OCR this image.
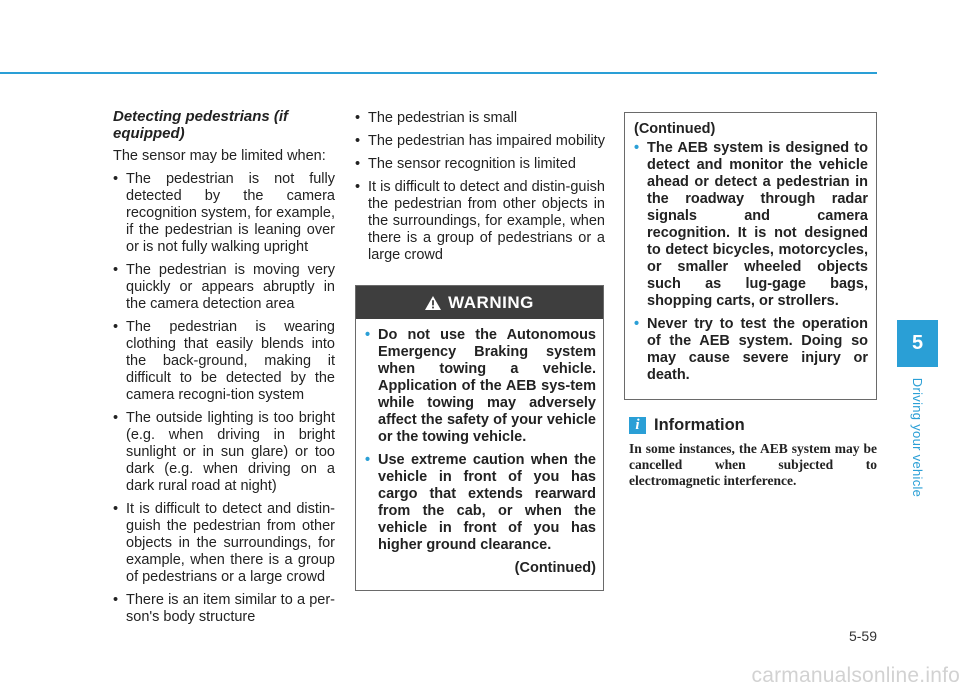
Detecting pedestrians (if equipped)
The sensor may be limited when:
• The pedestrian is not fully detected by the camera recognition system, for example, if the pedestrian is leaning over or is not fully walking upright
• The pedestrian is moving very quickly or appears abruptly in the camera detection area
• The pedestrian is wearing clothing that easily blends into the back-ground, making it difficult to be detected by the camera recogni-tion system
• The outside lighting is too bright (e.g. when driving in bright sunlight or in sun glare) or too dark (e.g. when driving on a dark rural road at night)
• It is difficult to detect and distin-guish the pedestrian from other objects in the surroundings, for example, when there is a group of pedestrians or a large crowd
• There is an item similar to a per-son's body structure
• The pedestrian is small
• The pedestrian has impaired mobility
• The sensor recognition is limited
• It is difficult to detect and distin-guish the pedestrian from other objects in the surroundings, for example, when there is a group of pedestrians or a large crowd
WARNING
• Do not use the Autonomous Emergency Braking system when towing a vehicle. Application of the AEB sys-tem while towing may adversely affect the safety of your vehicle or the towing vehicle.
• Use extreme caution when the vehicle in front of you has cargo that extends rearward from the cab, or when the vehicle in front of you has higher ground clearance.
(Continued)
(Continued)
• The AEB system is designed to detect and monitor the vehicle ahead or detect a pedestrian in the roadway through radar signals and camera recognition. It is not designed to detect bicycles, motorcycles, or smaller wheeled objects such as lug-gage bags, shopping carts, or strollers.
• Never try to test the operation of the AEB system. Doing so may cause severe injury or death.
i Information
In some instances, the AEB system may be cancelled when subjected to electromagnetic interference.
5
Driving your vehicle
5-59
carmanualsonline.info
